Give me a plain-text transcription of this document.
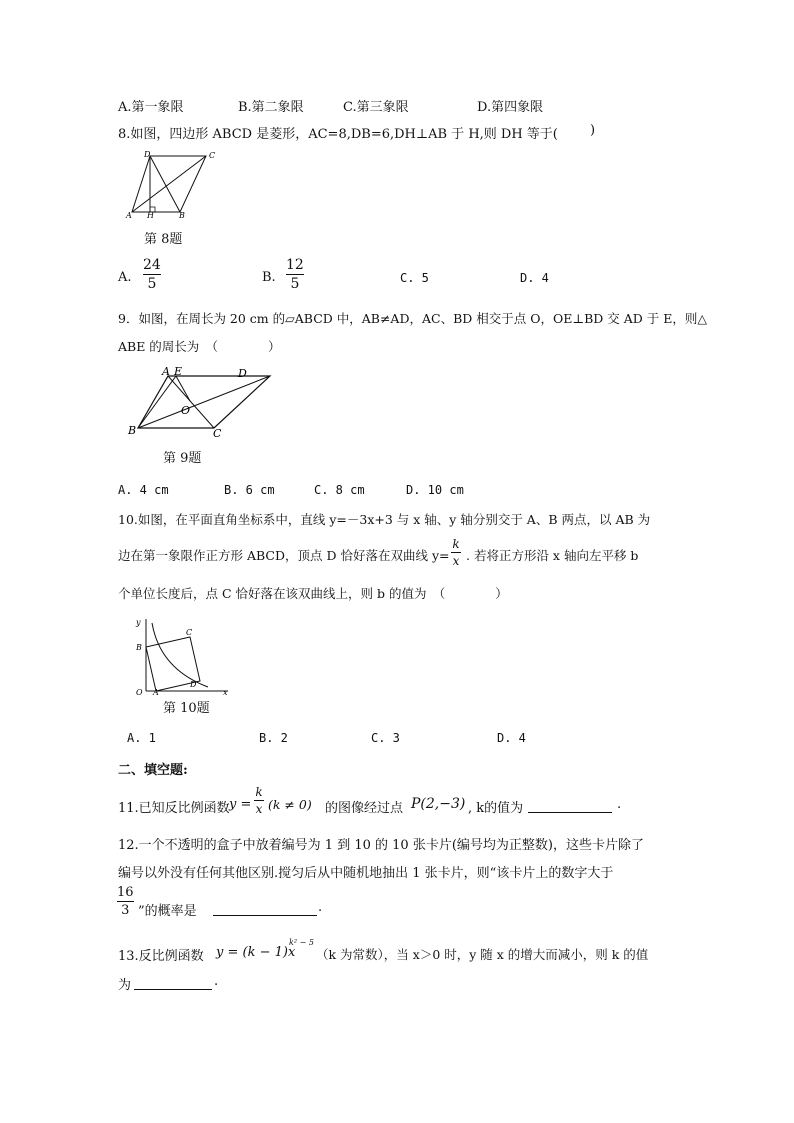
A.第一象限	B.第二象限	C.第三象限	D.第四象限
8.如图，四边形 ABCD 是菱形，AC=8,DB=6,DH⊥AB 于 H,则 DH 等于( )
D	C
A H	B
第 8题
A.
24
5	B.
12
5	C. 5	D. 4
9．如图，在周长为 20 cm 的▱ABCD 中，AB≠AD，AC、BD 相交于点 O，OE⊥BD 交 AD 于 E，则△
ABE 的周长为　（　　　　）
A E	D
O
B	C
第 9题
A. 4 cm	B. 6 cm	C. 8 cm	D. 10 cm
10.如图，在平面直角坐标系中，直线 y=－3x+3 与 x 轴、y 轴分别交于 A、B 两点，以 AB 为
边在第一象限作正方形 ABCD，顶点 D 恰好落在双曲线 y=
k
x . 若将正方形沿 x 轴向左平移 b
个单位长度后，点 C 恰好落在该双曲线上，则 b 的值为　（　　　　）
y
C
B
D
O A	x
第 10题
A. 1	B. 2	C. 3	D. 4
二、填空题:
11.已知反比例函数 y =
k
x (k ≠ 0) 的图像经过点 P(2,−3) , k的值为	.
12.一个不透明的盒子中放着编号为 1 到 10 的 10 张卡片(编号均为正整数)，这些卡片除了
编号以外没有任何其他区别.搅匀后从中随机地抽出 1 张卡片，则“该卡片上的数字大于
16
3 ”的概率是	.
13.反比例函数 y = (k − 1)x
k² − 5
（k 为常数），当 x＞0 时，y 随 x 的增大而减小，则 k 的值
为	.
